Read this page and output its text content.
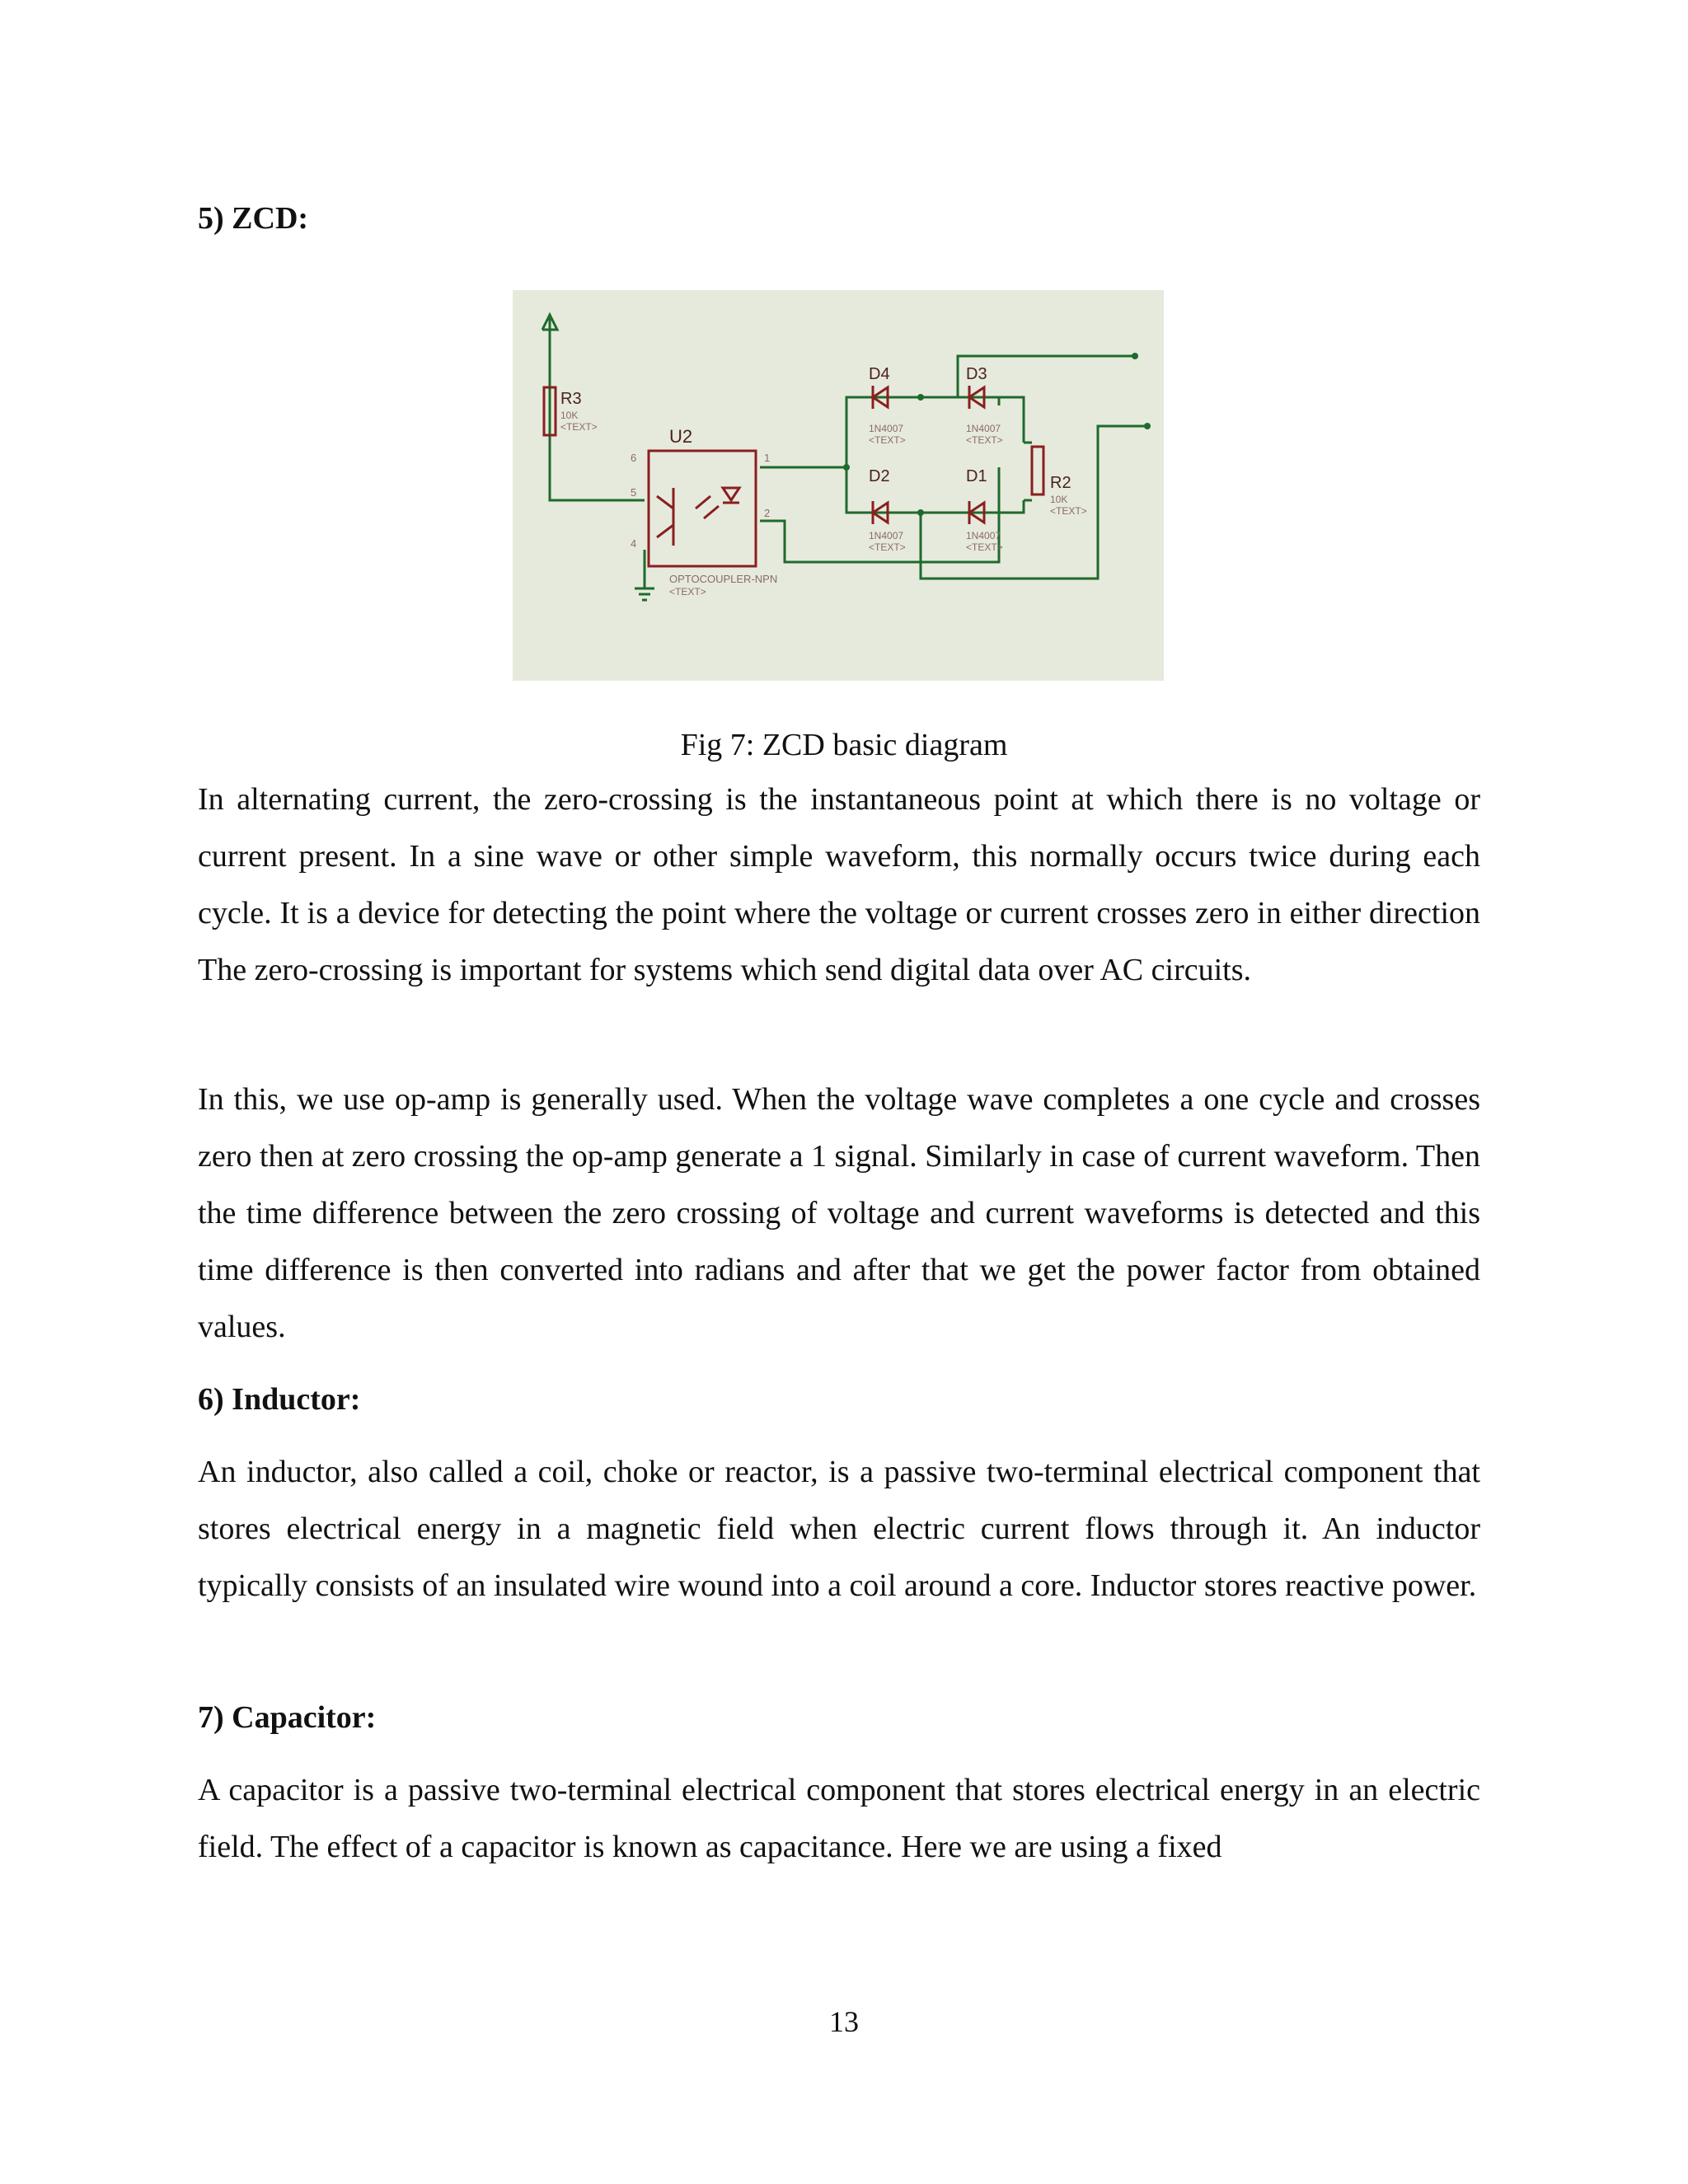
5) ZCD:
R3
10K
<TEXT>	U2
6
5
4
1
2
OPTOCOUPLER-NPN
<TEXT>
D4
1N4007
<TEXT>
D3
1N4007
<TEXT>
D2
1N4007
<TEXT>
D1
1N4007
<TEXT>
R2
10K
<TEXT>

Fig 7: ZCD basic diagram

In alternating current, the zero-crossing is the instantaneous point at which there is no voltage or current present. In a sine wave or other simple waveform, this normally occurs twice during each cycle. It is a device for detecting the point where the voltage or current crosses zero in either direction The zero-crossing is important for systems which send digital data over AC circuits.

In this, we use op-amp is generally used. When the voltage wave completes a one cycle and crosses zero then at zero crossing the op-amp generate a 1 signal. Similarly in case of current waveform. Then the time difference between the zero crossing of voltage and current waveforms is detected and this time difference is then converted into radians and after that we get the power factor from obtained values.

6) Inductor:

An inductor, also called a coil, choke or reactor, is a passive two-terminal electrical component that stores electrical energy in a magnetic field when electric current flows through it. An inductor typically consists of an insulated wire wound into a coil around a core. Inductor stores reactive power.

7) Capacitor:

A capacitor is a passive two-terminal electrical component that stores electrical energy in an electric field. The effect of a capacitor is known as capacitance. Here we are using a fixed

13
